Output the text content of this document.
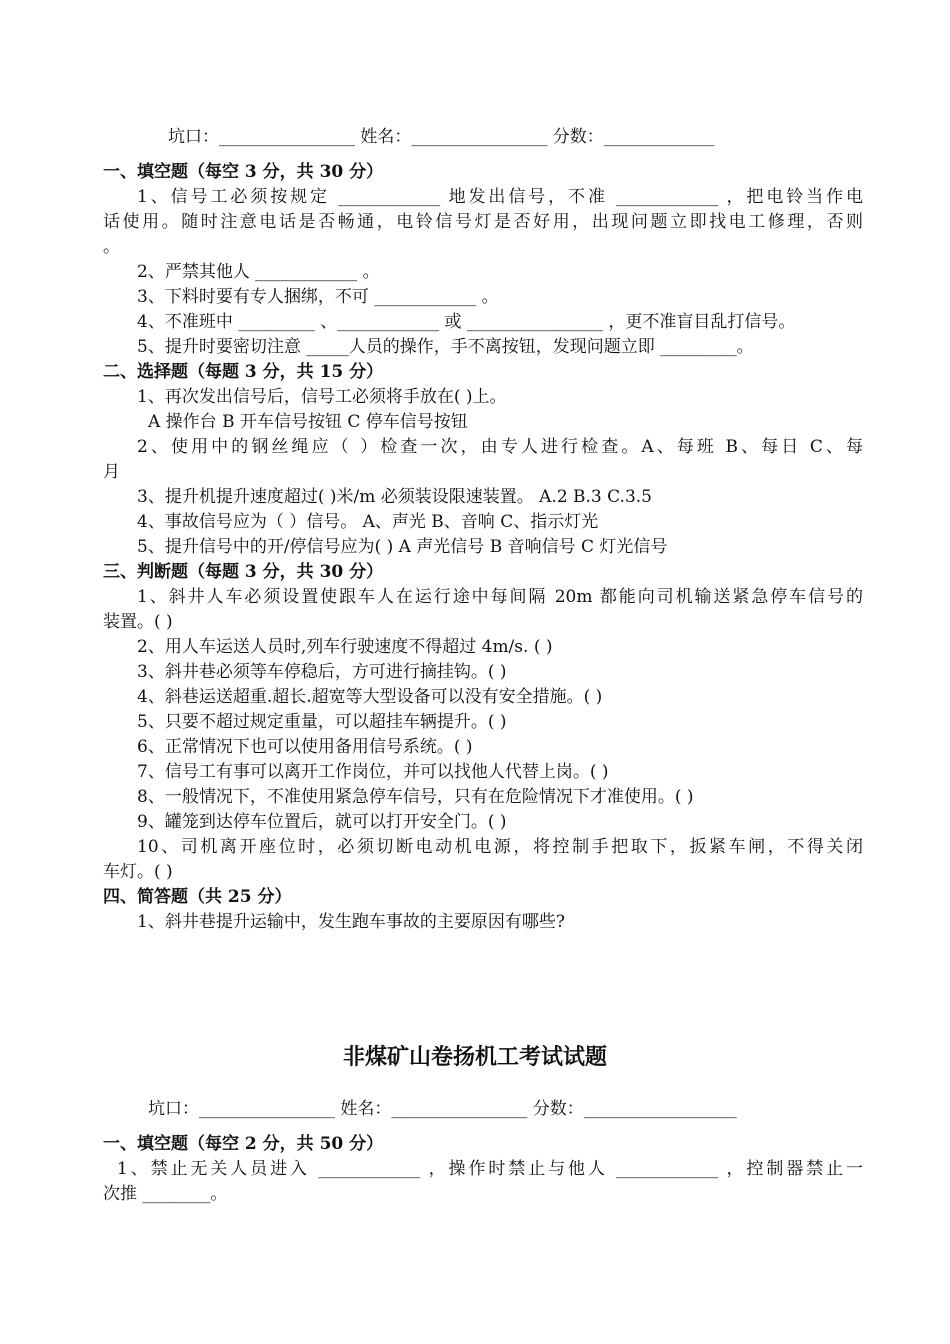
坑口：________________ 姓名：________________ 分数：_____________
一、填空题（每空 3 分，共 30 分）
1、信号工必须按规定 ____________ 地发出信号，不准 ____________ ，把电铃当作电
话使用。随时注意电话是否畅通，电铃信号灯是否好用，出现问题立即找电工修理，否则
。
2、严禁其他人 ____________ 。
3、下料时要有专人捆绑，不可 ____________ 。
4、不准班中 _________ 、____________ 或 ________________ ，更不准盲目乱打信号。
5、提升时要密切注意 _____人员的操作，手不离按钮，发现问题立即 _________。
二、选择题（每题 3 分，共 15 分）
1、再次发出信号后，信号工必须将手放在( )上。
A 操作台 B 开车信号按钮 C 停车信号按钮
2、使用中的钢丝绳应（ ）检查一次，由专人进行检查。A、每班 B、每日 C、每
月
3、提升机提升速度超过( )米/m 必须装设限速装置。 A.2 B.3 C.3.5
4、事故信号应为（ ）信号。 A、声光 B、音响 C、指示灯光
5、提升信号中的开/停信号应为( ) A 声光信号 B 音响信号 C 灯光信号
三、判断题（每题 3 分，共 30 分）
1、斜井人车必须设置使跟车人在运行途中每间隔 20m 都能向司机输送紧急停车信号的
装置。( )
2、用人车运送人员时,列车行驶速度不得超过 4m/s. ( )
3、斜井巷必须等车停稳后，方可进行摘挂钩。( )
4、斜巷运送超重.超长.超宽等大型设备可以没有安全措施。( )
5、只要不超过规定重量，可以超挂车辆提升。( )
6、正常情况下也可以使用备用信号系统。( )
7、信号工有事可以离开工作岗位，并可以找他人代替上岗。( )
8、一般情况下，不准使用紧急停车信号，只有在危险情况下才准使用。( )
9、罐笼到达停车位置后，就可以打开安全门。( )
10、司机离开座位时，必须切断电动机电源，将控制手把取下，扳紧车闸，不得关闭
车灯。( )
四、简答题（共 25 分）
1、斜井巷提升运输中，发生跑车事故的主要原因有哪些?
非煤矿山卷扬机工考试试题
坑口：________________ 姓名：________________ 分数：__________________
一、填空题（每空 2 分，共 50 分）
1、禁止无关人员进入 ____________ ，操作时禁止与他人 ____________ ，控制器禁止一
次推 ________。
